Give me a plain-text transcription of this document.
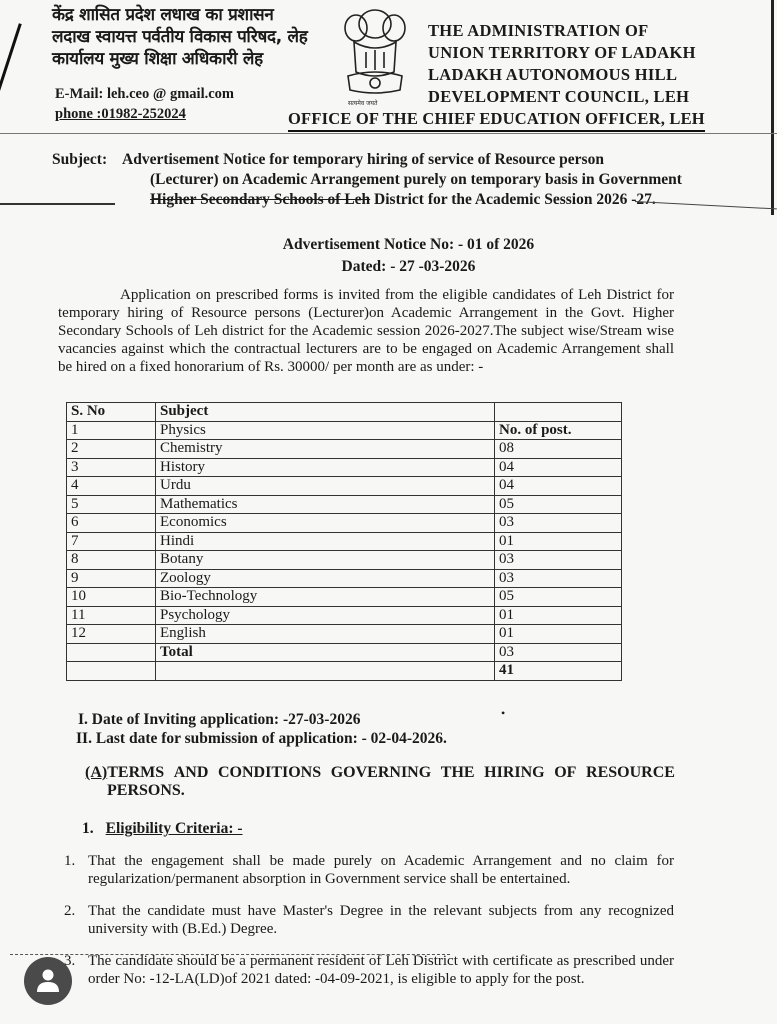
केंद्र शासित प्रदेश लधाख का प्रशासन
लदाख स्वायत्त पर्वतीय विकास परिषद, लेह
कार्यालय मुख्य शिक्षा अधिकारी लेह
E-Mail: leh.ceo @ gmail.com
phone :01982-252024
सत्यमेव जयते
THE ADMINISTRATION OF
UNION TERRITORY OF LADAKH
LADAKH AUTONOMOUS HILL
DEVELOPMENT COUNCIL, LEH
OFFICE OF THE CHIEF EDUCATION OFFICER, LEH
Subject: Advertisement Notice for temporary hiring of service of Resource person
(Lecturer) on Academic Arrangement purely on temporary basis in Government
Higher Secondary Schools of Leh District for the Academic Session 2026 -27.
Advertisement Notice No: - 01 of 2026
Dated: - 27 -03-2026
Application on prescribed forms is invited from the eligible candidates of Leh District for temporary hiring of Resource persons (Lecturer)on Academic Arrangement in the Govt. Higher Secondary Schools of Leh district for the Academic session 2026-2027.The subject wise/Stream wise vacancies against which the contractual lecturers are to be engaged on Academic Arrangement shall be hired on a fixed honorarium of Rs. 30000/ per month are as under: -
S. No	Subject	
1	Physics	No. of post.
2	Chemistry	08
3	History	04
4	Urdu	04
5	Mathematics	05
6	Economics	03
7	Hindi	01
8	Botany	03
9	Zoology	03
10	Bio-Technology	05
11	Psychology	01
12	English	01
	Total	03
		41
•
I. Date of Inviting application: -27-03-2026
II. Last date for submission of application: - 02-04-2026.
(A)TERMS AND CONDITIONS GOVERNING THE HIRING OF RESOURCE
PERSONS.
1. Eligibility Criteria: -
1. That the engagement shall be made purely on Academic Arrangement and no claim for regularization/permanent absorption in Government service shall be entertained.
2. That the candidate must have Master's Degree in the relevant subjects from any recognized university with (B.Ed.) Degree.
3. The candidate should be a permanent resident of Leh District with certificate as prescribed under order No: -12-LA(LD)of 2021 dated: -04-09-2021, is eligible to apply for the post.
